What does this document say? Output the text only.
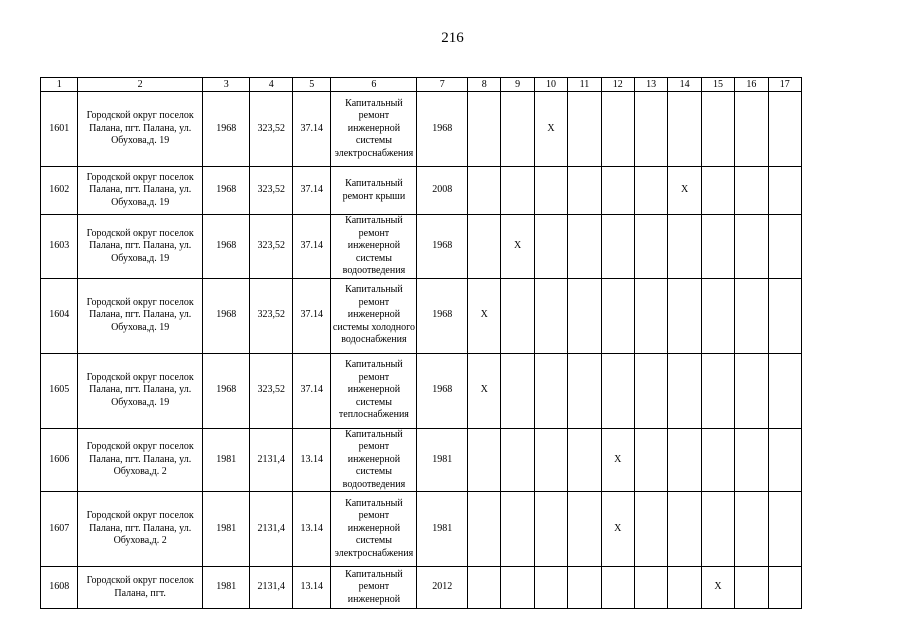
216
1	2	3	4	5	6	7	8	9	10	11	12	13	14	15	16	17
1601	Городской округ поселок Палана, пгт. Палана, ул. Обухова,д. 19	1968	323,52	37.14	Капитальный ремонт инженерной системы электроснабжения	1968			X							
1602	Городской округ поселок Палана, пгт. Палана, ул. Обухова,д. 19	1968	323,52	37.14	Капитальный ремонт крыши	2008							X			
1603	Городской округ поселок Палана, пгт. Палана, ул. Обухова,д. 19	1968	323,52	37.14	Капитальный ремонт инженерной системы водоотведения	1968		X								
1604	Городской округ поселок Палана, пгт. Палана, ул. Обухова,д. 19	1968	323,52	37.14	Капитальный ремонт инженерной системы холодного водоснабжения	1968	X									
1605	Городской округ поселок Палана, пгт. Палана, ул. Обухова,д. 19	1968	323,52	37.14	Капитальный ремонт инженерной системы теплоснабжения	1968	X									
1606	Городской округ поселок Палана, пгт. Палана, ул. Обухова,д. 2	1981	2131,4	13.14	Капитальный ремонт инженерной системы водоотведения	1981					X					
1607	Городской округ поселок Палана, пгт. Палана, ул. Обухова,д. 2	1981	2131,4	13.14	Капитальный ремонт инженерной системы электроснабжения	1981					X					
1608	Городской округ поселок Палана, пгт.	1981	2131,4	13.14	Капитальный ремонт инженерной	2012								X		
